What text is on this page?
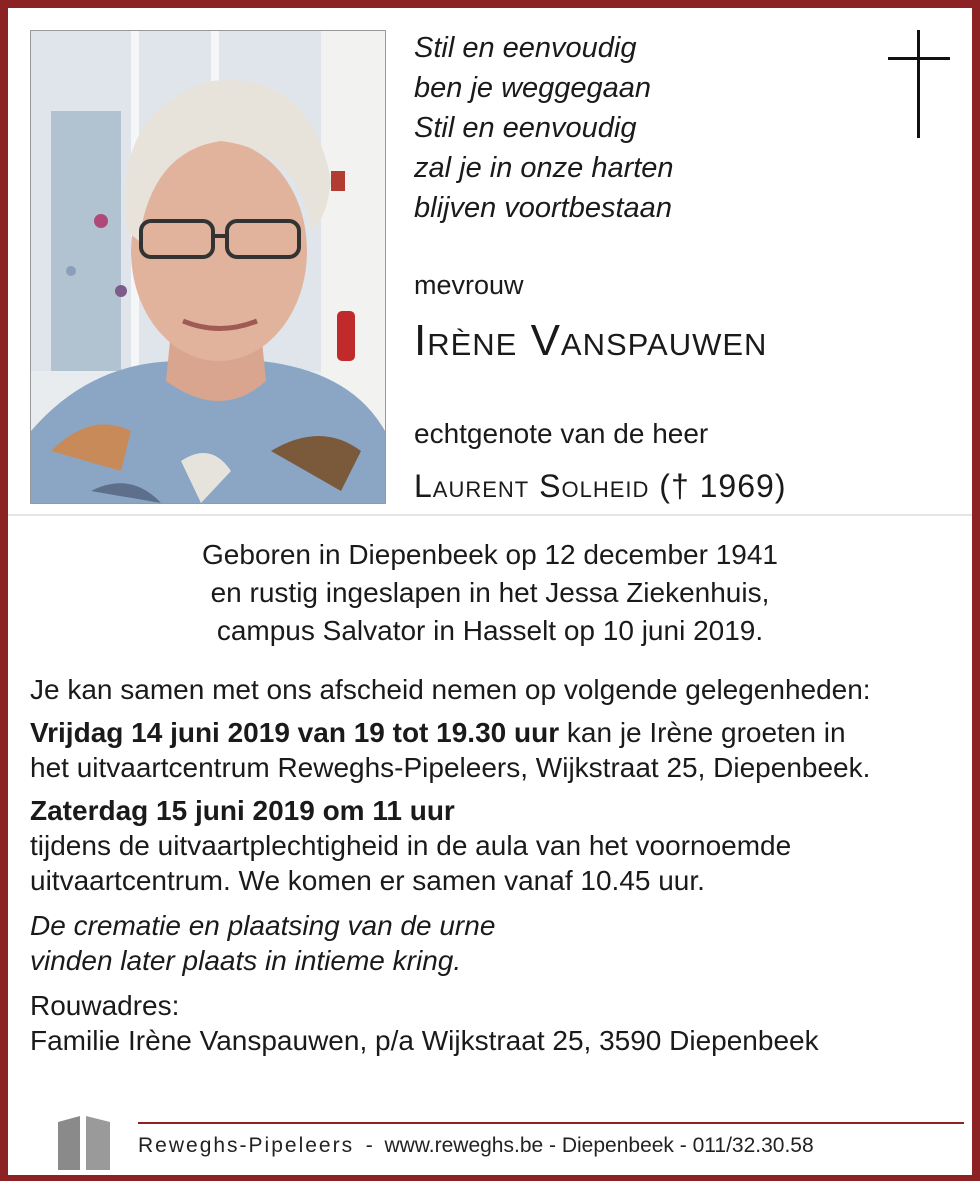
Stil en eenvoudig
ben je weggegaan
Stil en eenvoudig
zal je in onze harten
blijven voortbestaan
mevrouw
Irène Vanspauwen
echtgenote van de heer
Laurent Solheid († 1969)
Geboren in Diepenbeek op 12 december 1941
en rustig ingeslapen in het Jessa Ziekenhuis,
campus Salvator in Hasselt op 10 juni 2019.
Je kan samen met ons afscheid nemen op volgende gelegenheden:
Vrijdag 14 juni 2019 van 19 tot 19.30 uur kan je Irène groeten in
het uitvaartcentrum Reweghs-Pipeleers, Wijkstraat 25, Diepenbeek.
Zaterdag 15 juni 2019 om 11 uur
tijdens de uitvaartplechtigheid in de aula van het voornoemde
uitvaartcentrum. We komen er samen vanaf 10.45 uur.
De crematie en plaatsing van de urne
vinden later plaats in intieme kring.
Rouwadres:
Familie Irène Vanspauwen, p/a Wijkstraat 25, 3590 Diepenbeek
Reweghs-Pipeleers  -  www.reweghs.be - Diepenbeek - 011/32.30.58
